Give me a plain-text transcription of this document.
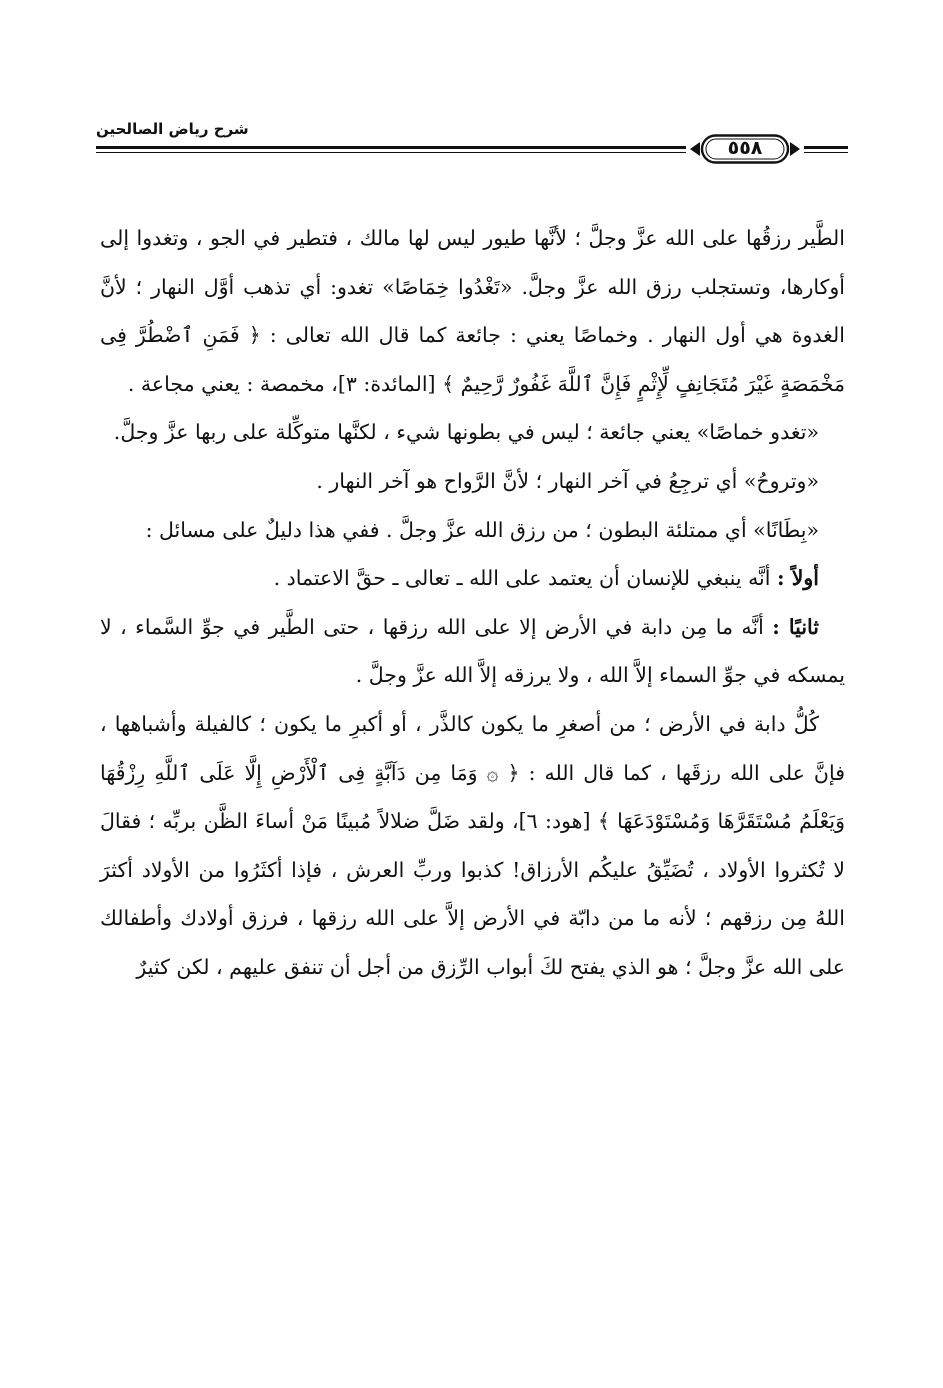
شرح رياض الصالحين
٥٥٨

الطَّير رزقُها على الله عزَّ وجلَّ ؛ لأنَّها طيور ليس لها مالك ، فتطير في الجو ، وتغدوا إلى أوكارها، وتستجلب رزق الله عزَّ وجلَّ. «تَغْدُوا خِمَاصًا» تغدو: أي تذهب أوَّل النهار ؛ لأنَّ الغدوة هي أول النهار . وخماصًا يعني : جائعة كما قال الله تعالى : ﴿ فَمَنِ ٱضْطُرَّ فِى مَخْمَصَةٍ غَيْرَ مُتَجَانِفٍ لِّإِثْمٍ فَإِنَّ ٱللَّهَ غَفُورٌ رَّحِيمٌ ﴾ [المائدة: ٣]، مخمصة : يعني مجاعة .

«تغدو خماصًا» يعني جائعة ؛ ليس في بطونها شيء ، لكنَّها متوكِّلة على ربها عزَّ وجلَّ.

«وتروحُ» أي ترجِعُ في آخر النهار ؛ لأنَّ الرَّواح هو آخر النهار .

«بِطَانًا» أي ممتلئة البطون ؛ من رزق الله عزَّ وجلَّ . ففي هذا دليلٌ على مسائل :

أولاً : أنَّه ينبغي للإنسان أن يعتمد على الله ـ تعالى ـ حقَّ الاعتماد .

ثانيًا : أنَّه ما مِن دابة في الأرض إلا على الله رزقها ، حتى الطَّير في جوِّ السَّماء ، لا يمسكه في جوِّ السماء إلاَّ الله ، ولا يرزقه إلاَّ الله عزَّ وجلَّ .

كُلُّ دابة في الأرض ؛ من أصغرِ ما يكون كالذَّر ، أو أكبرِ ما يكون ؛ كالفيلة وأشباهها ، فإنَّ على الله رزقَها ، كما قال الله : ﴿ ۞ وَمَا مِن دَآبَّةٍ فِى ٱلْأَرْضِ إِلَّا عَلَى ٱللَّهِ رِزْقُهَا وَيَعْلَمُ مُسْتَقَرَّهَا وَمُسْتَوْدَعَهَا ﴾ [هود: ٦]، ولقد ضَلَّ ضلالاً مُبينًا مَنْ أساءَ الظَّن بربِّه ؛ فقالَ لا تُكثروا الأولاد ، تُضَيِّقُ عليكُم الأرزاق! كذبوا وربِّ العرش ، فإذا أكثَرُوا من الأولاد أكثرَ اللهُ مِن رزقهم ؛ لأنه ما من دابّة في الأرض إلاَّ على الله رزقها ، فرزق أولادك وأطفالك على الله عزَّ وجلَّ ؛ هو الذي يفتح لكَ أبواب الرِّزق من أجل أن تنفق عليهم ، لكن كثيرٌ
